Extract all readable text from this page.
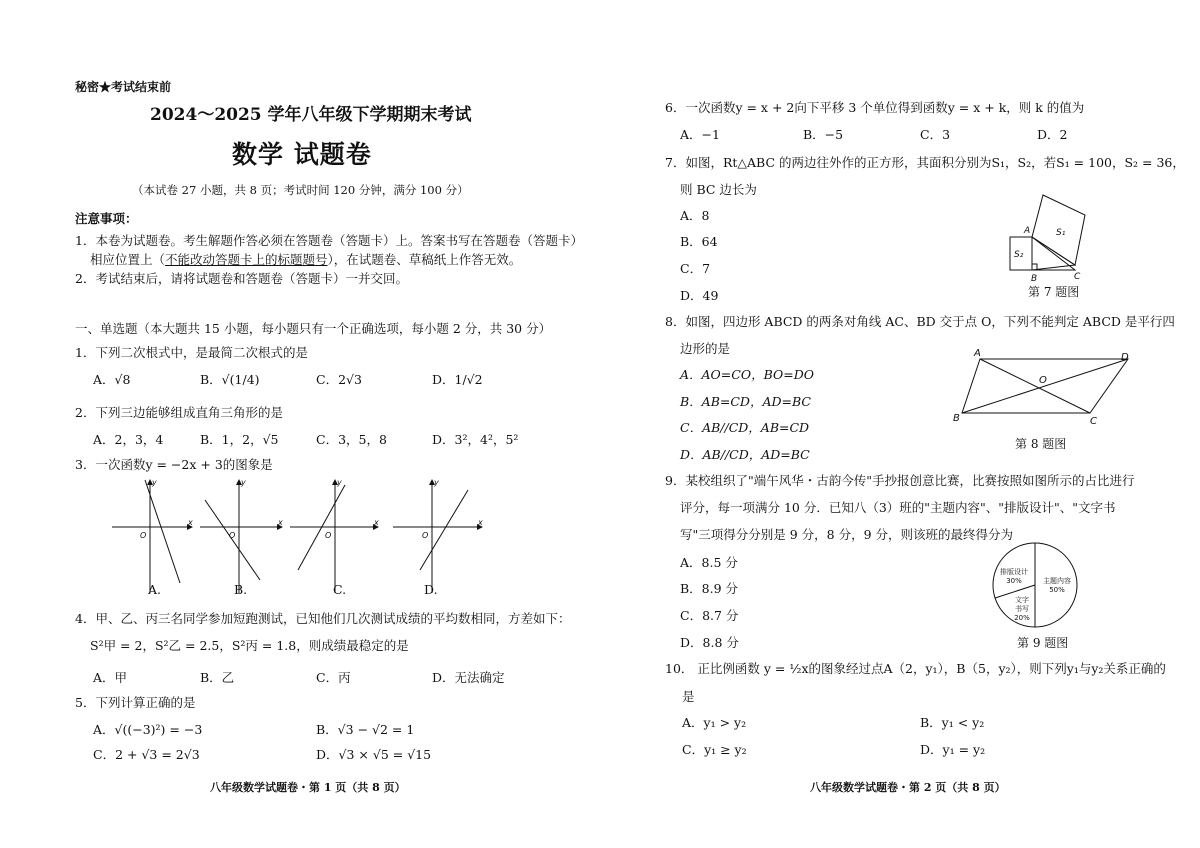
秘密★考试结束前
2024～2025 学年八年级下学期期末考试
数学 试题卷
（本试卷 27 小题，共 8 页；考试时间 120 分钟，满分 100 分）
注意事项：
1．本卷为试题卷。考生解题作答必须在答题卷（答题卡）上。答案书写在答题卷（答题卡）
相应位置上（不能改动答题卡上的标题题号），在试题卷、草稿纸上作答无效。
2．考试结束后，请将试题卷和答题卷（答题卡）一并交回。
一、单选题（本大题共 15 小题，每小题只有一个正确选项，每小题 2 分，共 30 分）
1．下列二次根式中，是最简二次根式的是
A．√8	B．√(1/4)	C．2√3	D．1/√2
2．下列三边能够组成直角三角形的是
A．2，3，4	B．1，2，√5	C．3，5，8	D．3²，4²，5²
3．一次函数y = −2x + 3的图象是
O
y
x
O
y
x
O
y
x
O
y
x
A.	B.	C.	D.
4．甲、乙、丙三名同学参加短跑测试，已知他们几次测试成绩的平均数相同，方差如下：
S²甲 = 2，S²乙 = 2.5，S²丙 = 1.8，则成绩最稳定的是
A．甲	B．乙	C．丙	D．无法确定
5．下列计算正确的是
A．√((−3)²) = −3	B．√3 − √2 = 1
C．2 + √3 = 2√3	D．√3 × √5 = √15
八年级数学试题卷・第 1 页（共 8 页）
6．一次函数y = x + 2向下平移 3 个单位得到函数y = x + k，则 k 的值为
A．−1	B．−5	C．3	D．2
7．如图，Rt△ABC 的两边往外作的正方形，其面积分别为S₁，S₂，若S₁ = 100，S₂ = 36，
则 BC 边长为
A．8
B．64
C．7
D．49
A
B	C
S₁
S₂
第 7 题图
8．如图，四边形 ABCD 的两条对角线 AC、BD 交于点 O，下列不能判定 ABCD 是平行四
边形的是
A．AO=CO，BO=DO
B．AB=CD，AD=BC
C．AB//CD，AB=CD
D．AB//CD，AD=BC
A
B	C
D
O
第 8 题图
9．某校组织了"端午风华・古韵今传"手抄报创意比赛，比赛按照如图所示的占比进行
评分，每一项满分 10 分．已知八（3）班的"主题内容"、"排版设计"、"文字书
写"三项得分分别是 9 分，8 分，9 分，则该班的最终得分为
A．8.5 分
B．8.9 分
C．8.7 分
D．8.8 分
排版设计
30%	主题内容
50%
文字
书写
20%
第 9 题图
10． 正比例函数 y = ½x的图象经过点A（2，y₁），B（5，y₂），则下列y₁与y₂关系正确的
是
A．y₁ > y₂	B．y₁ < y₂
C．y₁ ≥ y₂	D．y₁ = y₂
八年级数学试题卷・第 2 页（共 8 页）
